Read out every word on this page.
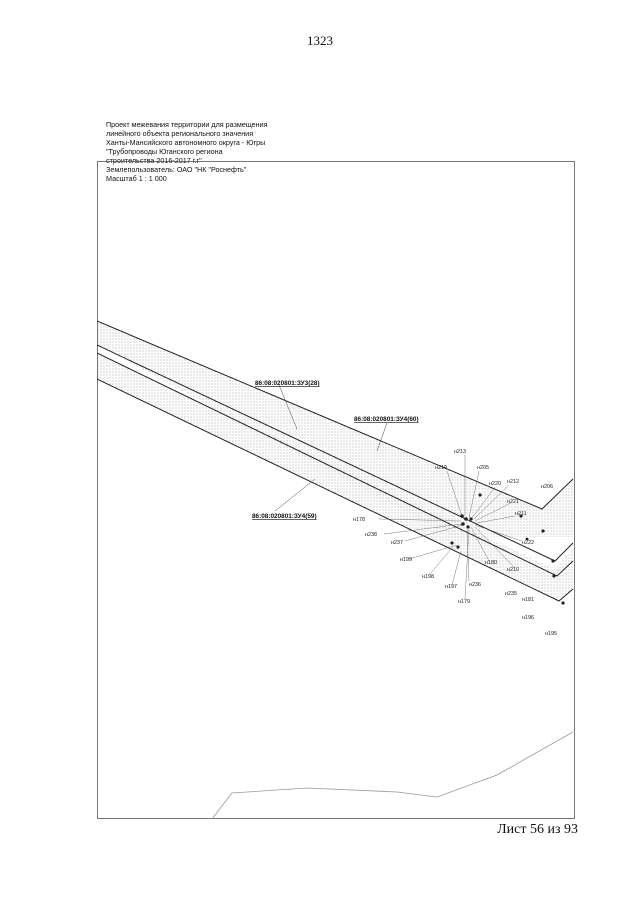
1323
Проект межевания территории для размещения
линейного объекта регионального значения
Ханты-Мансийского автономного округа - Югры
"Трубопроводы Юганского региона
строительства 2016-2017 г.г"
Землепользователь: ОАО "НК "Роснефть"
Масштаб 1 : 1 000
86:08:020801:ЗУ3(28)
86:08:020801:ЗУ4(60)
86:08:020801:ЗУ4(59)
н213
н219	н205
н220 н212
н206
н221
н211
н178
н238
н237
н199
н198
н197 н236
н179
н180
н222
н210
н235
н181
н196
н195
Лист 56 из 93
